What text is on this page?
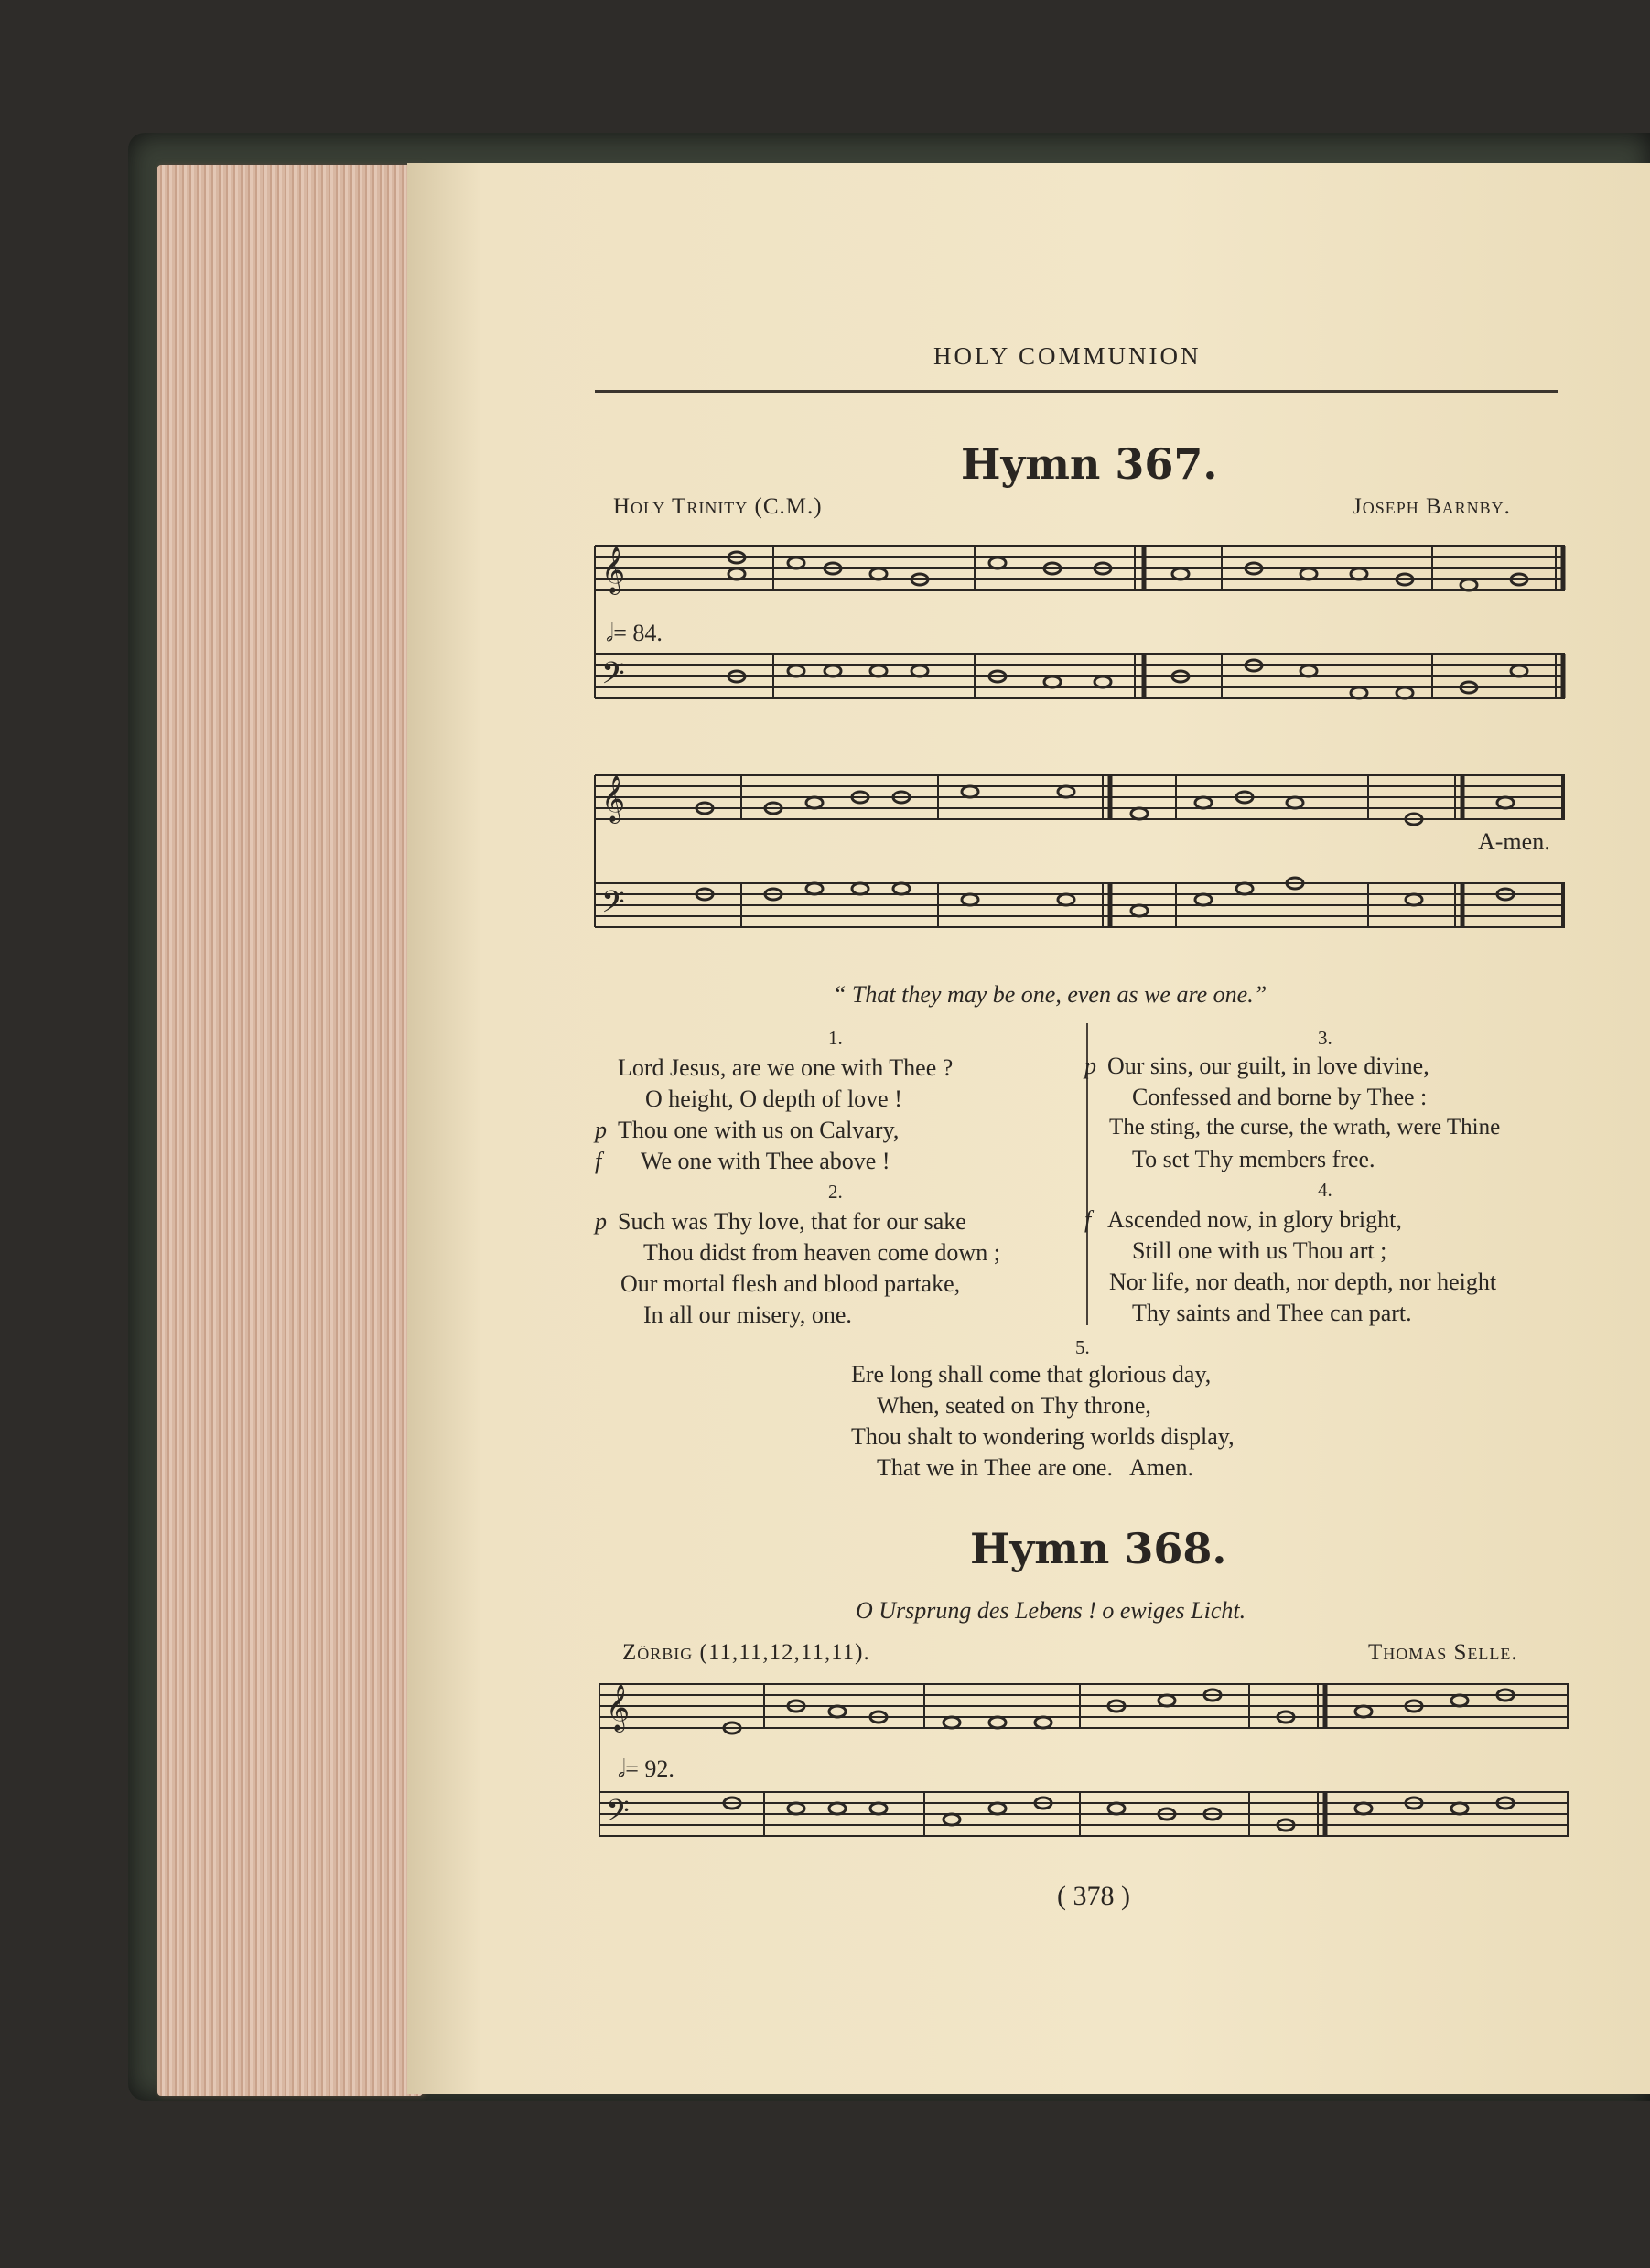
HOLY COMMUNION
Hymn 367.
Holy Trinity (C.M.)	Joseph Barnby.
𝄞
𝄢
𝅗𝅥= 84.
𝄞
𝄢
A-men.
“ That they may be one, even as we are one.”
1.
Lord Jesus, are we one with Thee ?
O height, O depth of love !
p Thou one with us on Calvary,
f We one with Thee above !
2.
p Such was Thy love, that for our sake
Thou didst from heaven come down ;
Our mortal flesh and blood partake,
In all our misery, one.
3.
p Our sins, our guilt, in love divine,
Confessed and borne by Thee :
The sting, the curse, the wrath, were Thine
To set Thy members free.
4.
f Ascended now, in glory bright,
Still one with us Thou art ;
Nor life, nor death, nor depth, nor height
Thy saints and Thee can part.
5.
Ere long shall come that glorious day,
When, seated on Thy throne,
Thou shalt to wondering worlds display,
That we in Thee are one.   Amen.
Hymn 368.
O Ursprung des Lebens ! o ewiges Licht.
Zörbig (11,11,12,11,11).	Thomas Selle.
𝄞
𝄢
𝅗𝅥= 92.
( 378 )
